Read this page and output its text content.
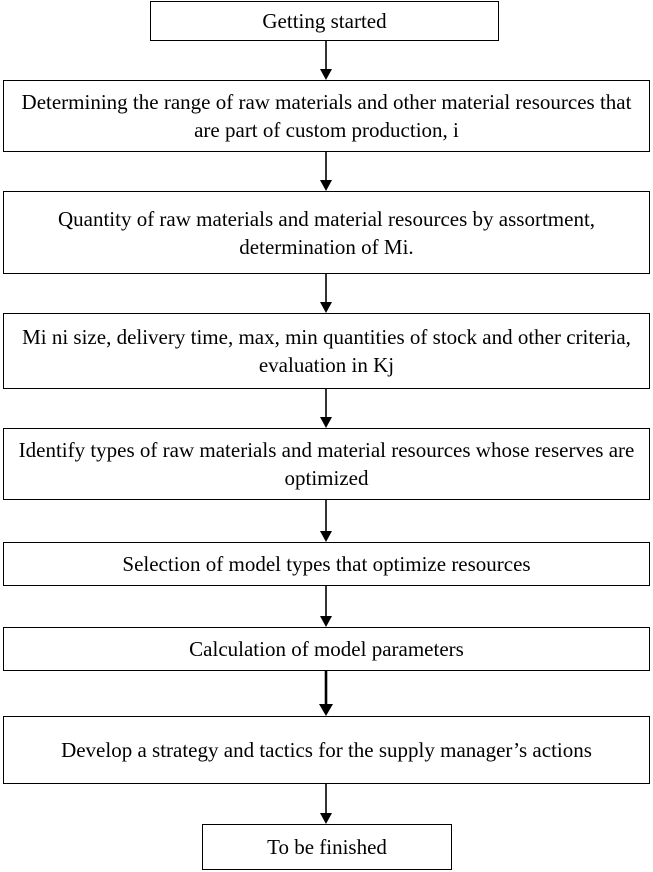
Getting started
Determining the range of raw materials and other material resources that are part of custom production, i
Quantity of raw materials and material resources by assortment, determination of Mi.
Mi ni size, delivery time, max, min quantities of stock and other criteria, evaluation in Kj
Identify types of raw materials and material resources whose reserves are optimized
Selection of model types that optimize resources
Calculation of model parameters
Develop a strategy and tactics for the supply manager’s actions
To be finished
